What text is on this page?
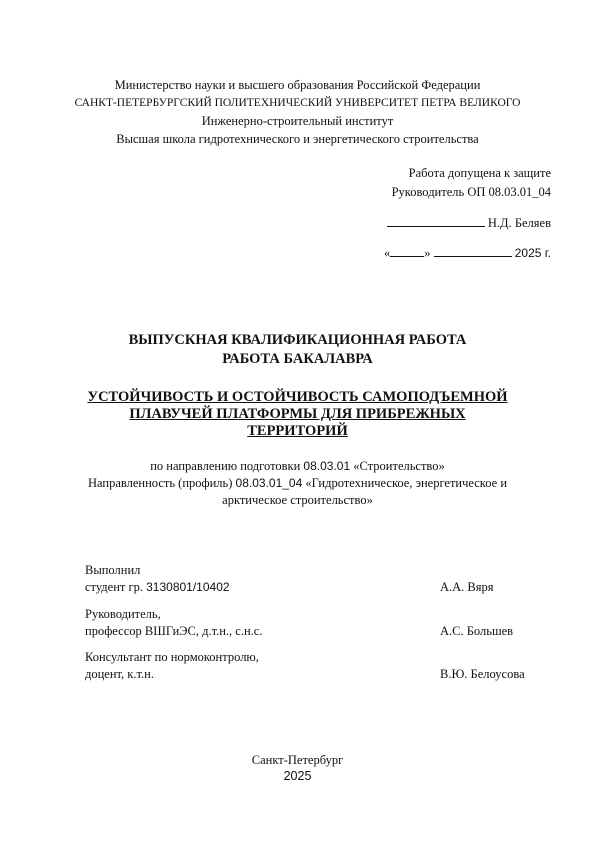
Министерство науки и высшего образования Российской Федерации
САНКТ-ПЕТЕРБУРГСКИЙ ПОЛИТЕХНИЧЕСКИЙ УНИВЕРСИТЕТ ПЕТРА ВЕЛИКОГО
Инженерно-строительный институт
Высшая школа гидротехнического и энергетического строительства
Работа допущена к защите
Руководитель ОП 08.03.01_04
Н.Д. Беляев
«	»	2025 г.
ВЫПУСКНАЯ КВАЛИФИКАЦИОННАЯ РАБОТА
РАБОТА БАКАЛАВРА
УСТОЙЧИВОСТЬ И ОСТОЙЧИВОСТЬ САМОПОДЪЕМНОЙ
ПЛАВУЧЕЙ ПЛАТФОРМЫ ДЛЯ ПРИБРЕЖНЫХ
ТЕРРИТОРИЙ
по направлению подготовки 08.03.01 «Строительство»
Направленность (профиль) 08.03.01_04 «Гидротехническое, энергетическое и
арктическое строительство»
Выполнил
студент гр. 3130801/10402	А.А. Вяря
Руководитель,
профессор ВШГиЭС, д.т.н., с.н.с.	А.С. Большев
Консультант по нормоконтролю,
доцент, к.т.н.	В.Ю. Белоусова
Санкт-Петербург
2025
